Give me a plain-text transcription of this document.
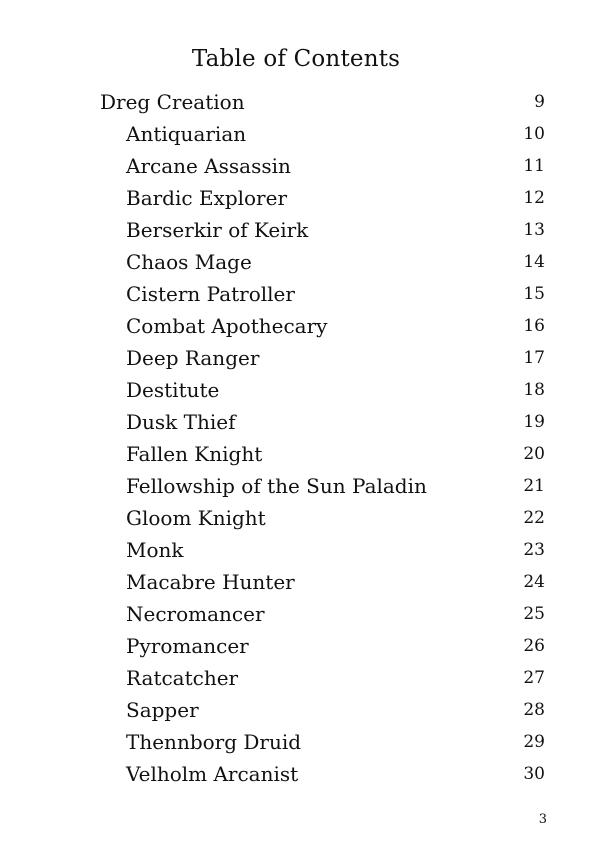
Table of Contents
Dreg Creation	9
Antiquarian	10
Arcane Assassin	11
Bardic Explorer	12
Berserkir of Keirk	13
Chaos Mage	14
Cistern Patroller	15
Combat Apothecary	16
Deep Ranger	17
Destitute	18
Dusk Thief	19
Fallen Knight	20
Fellowship of the Sun Paladin	21
Gloom Knight	22
Monk	23
Macabre Hunter	24
Necromancer	25
Pyromancer	26
Ratcatcher	27
Sapper	28
Thennborg Druid	29
Velholm Arcanist	30
3
